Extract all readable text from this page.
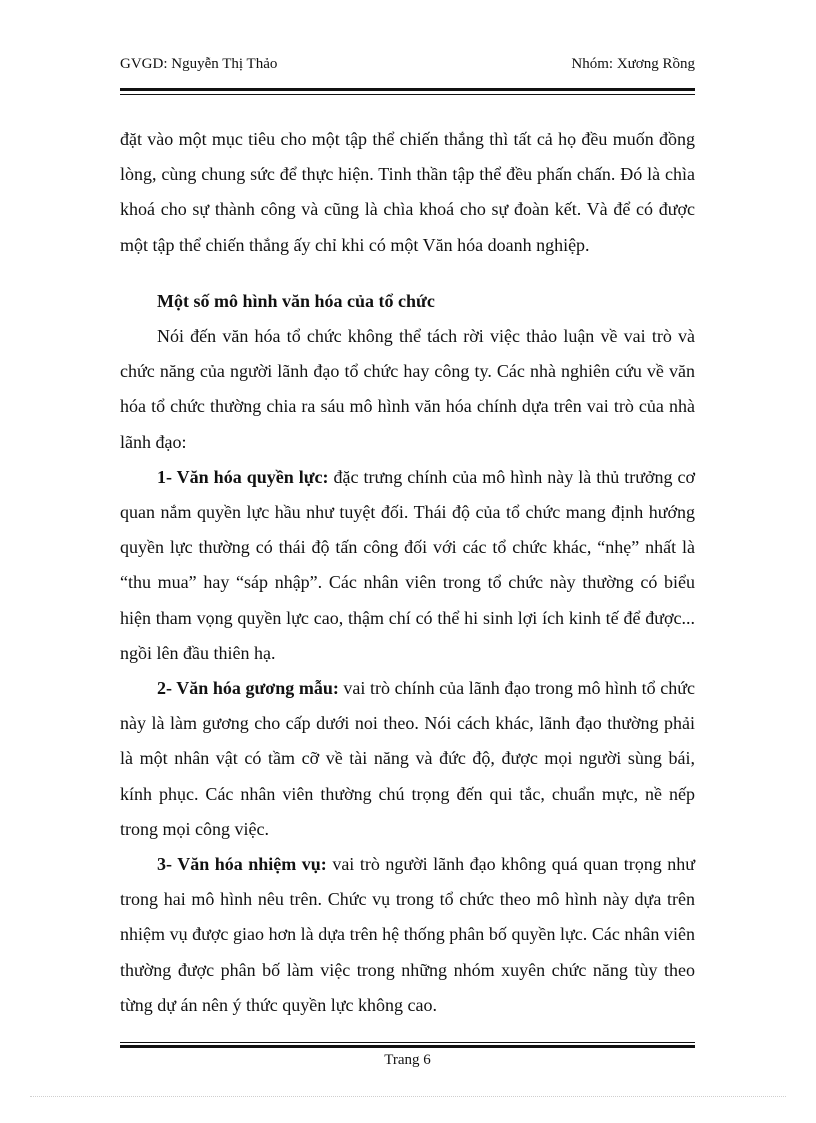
GVGD: Nguyễn Thị Thảo	Nhóm: Xương Rồng

đặt vào một mục tiêu cho một tập thể chiến thắng thì tất cả họ đều muốn đồng lòng, cùng chung sức để thực hiện. Tinh thần tập thể đều phấn chấn. Đó là chìa khoá cho sự thành công và cũng là chìa khoá cho sự đoàn kết. Và để có được một tập thể chiến thắng ấy chỉ khi có một Văn hóa doanh nghiệp.

Một số mô hình văn hóa của tổ chức

Nói đến văn hóa tổ chức không thể tách rời việc thảo luận về vai trò và chức năng của người lãnh đạo tổ chức hay công ty. Các nhà nghiên cứu về văn hóa tổ chức thường chia ra sáu mô hình văn hóa chính dựa trên vai trò của nhà lãnh đạo:

1- Văn hóa quyền lực: đặc trưng chính của mô hình này là thủ trưởng cơ quan nắm quyền lực hầu như tuyệt đối. Thái độ của tổ chức mang định hướng quyền lực thường có thái độ tấn công đối với các tổ chức khác, “nhẹ” nhất là “thu mua” hay “sáp nhập”. Các nhân viên trong tổ chức này thường có biểu hiện tham vọng quyền lực cao, thậm chí có thể hi sinh lợi ích kinh tế để được... ngồi lên đầu thiên hạ.

2- Văn hóa gương mẫu: vai trò chính của lãnh đạo trong mô hình tổ chức này là làm gương cho cấp dưới noi theo. Nói cách khác, lãnh đạo thường phải là một nhân vật có tầm cỡ về tài năng và đức độ, được mọi người sùng bái, kính phục. Các nhân viên thường chú trọng đến qui tắc, chuẩn mực, nề nếp trong mọi công việc.

3- Văn hóa nhiệm vụ: vai trò người lãnh đạo không quá quan trọng như trong hai mô hình nêu trên. Chức vụ trong tổ chức theo mô hình này dựa trên nhiệm vụ được giao hơn là dựa trên hệ thống phân bố quyền lực. Các nhân viên thường được phân bố làm việc trong những nhóm xuyên chức năng tùy theo từng dự án nên ý thức quyền lực không cao.

Trang 6
